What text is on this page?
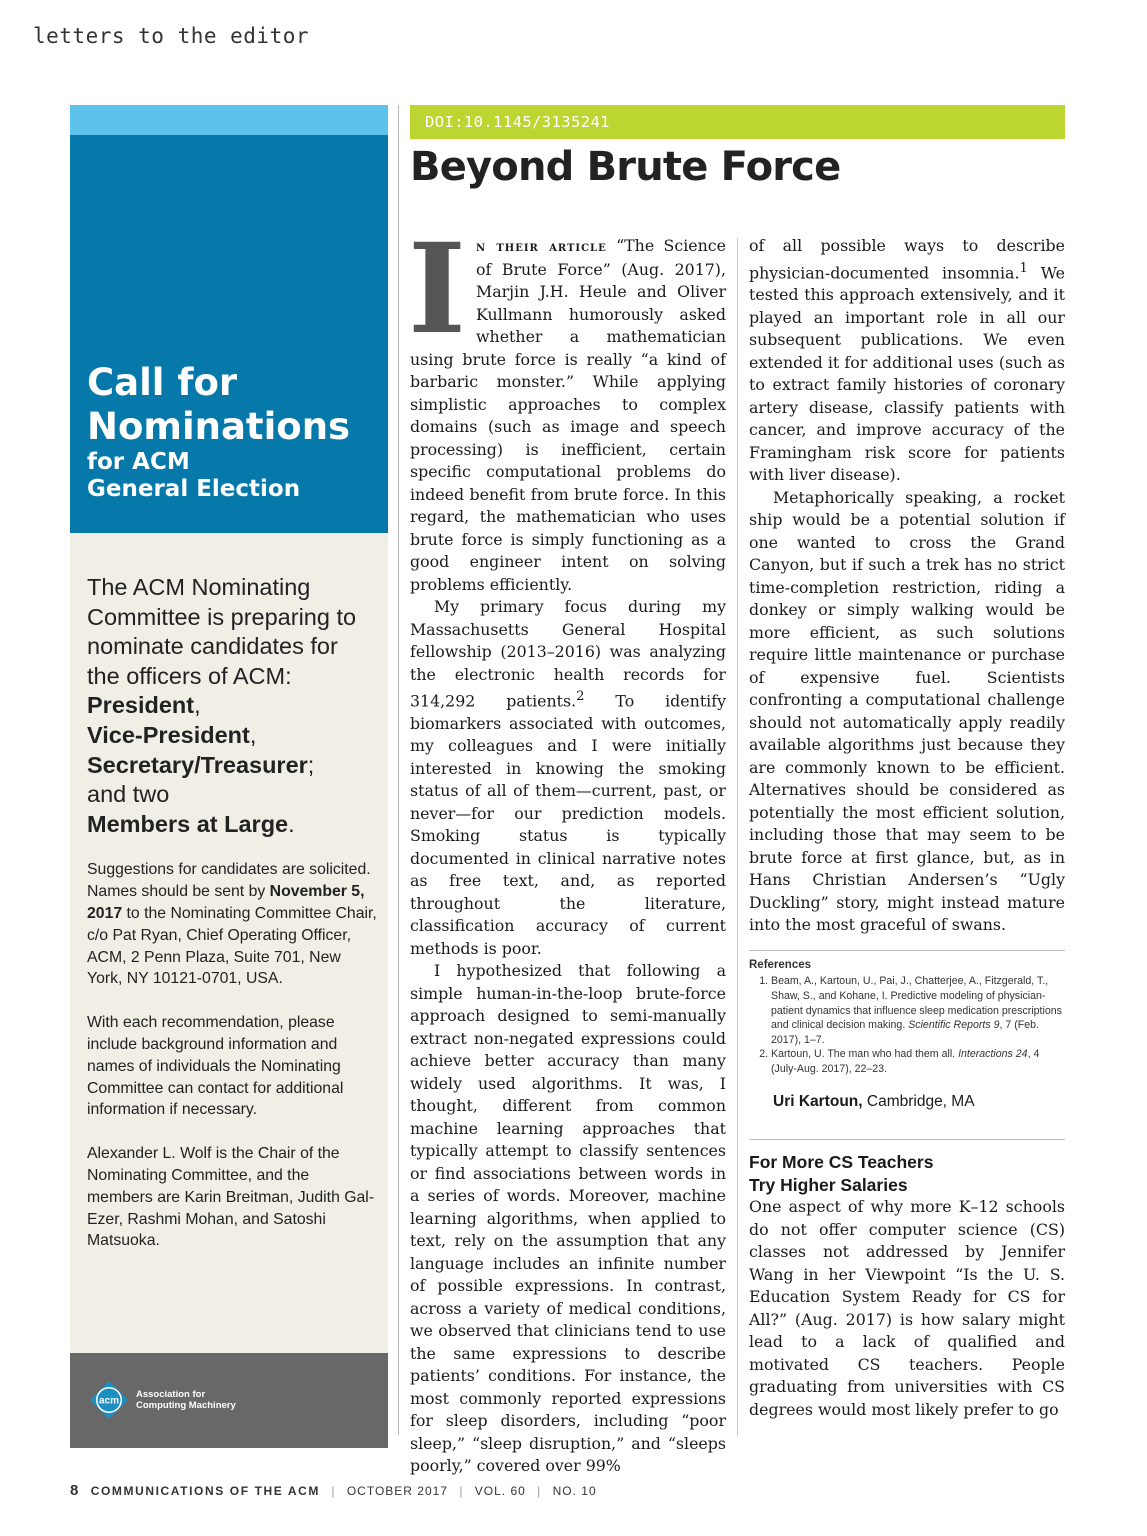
letters to the editor
Call for
Nominations
for ACM
General Election

The ACM Nominating Committee is preparing to nominate candidates for the officers of ACM:
President,
Vice-President,
Secretary/Treasurer;
and two
Members at Large.

Suggestions for candidates are solicited. Names should be sent by November 5, 2017 to the Nominating Committee Chair, c/o Pat Ryan, Chief Operating Officer, ACM, 2 Penn Plaza, Suite 701, New York, NY 10121-0701, USA.

With each recommendation, please include background information and names of individuals the Nominating Committee can contact for additional information if necessary.

Alexander L. Wolf is the Chair of the Nominating Committee, and the members are Karin Breitman, Judith Gal-Ezer, Rashmi Mohan, and Satoshi Matsuoka.

acm
Association for
Computing Machinery
DOI:10.1145/3135241
Beyond Brute Force

In their article “The Science of Brute Force” (Aug. 2017), Marjin J.H. Heule and Oliver Kullmann humorously asked whether a mathematician using brute force is really “a kind of barbaric monster.” While applying simplistic approaches to complex domains (such as image and speech processing) is inefficient, certain specific computational problems do indeed benefit from brute force. In this regard, the mathematician who uses brute force is simply functioning as a good engineer intent on solving problems efficiently.

My primary focus during my Massachusetts General Hospital fellowship (2013–2016) was analyzing the electronic health records for 314,292 patients.$^2$ To identify biomarkers associated with outcomes, my colleagues and I were initially interested in knowing the smoking status of all of them—current, past, or never—for our prediction models. Smoking status is typically documented in clinical narrative notes as free text, and, as reported throughout the literature, classification accuracy of current methods is poor.

I hypothesized that following a simple human-in-the-loop brute-force approach designed to semi-manually extract non-negated expressions could achieve better accuracy than many widely used algorithms. It was, I thought, different from common machine learning approaches that typically attempt to classify sentences or find associations between words in a series of words. Moreover, machine learning algorithms, when applied to text, rely on the assumption that any language includes an infinite number of possible expressions. In contrast, across a variety of medical conditions, we observed that clinicians tend to use the same expressions to describe patients’ conditions. For instance, the most commonly reported expressions for sleep disorders, including “poor sleep,” “sleep disruption,” and “sleeps poorly,” covered over 99%

of all possible ways to describe physician-documented insomnia.$^1$ We tested this approach extensively, and it played an important role in all our subsequent publications. We even extended it for additional uses (such as to extract family histories of coronary artery disease, classify patients with cancer, and improve accuracy of the Framingham risk score for patients with liver disease).

Metaphorically speaking, a rocket ship would be a potential solution if one wanted to cross the Grand Canyon, but if such a trek has no strict time-completion restriction, riding a donkey or simply walking would be more efficient, as such solutions require little maintenance or purchase of expensive fuel. Scientists confronting a computational challenge should not automatically apply readily available algorithms just because they are commonly known to be efficient. Alternatives should be considered as potentially the most efficient solution, including those that may seem to be brute force at first glance, but, as in Hans Christian Andersen’s “Ugly Duckling” story, might instead mature into the most graceful of swans.

References
1. Beam, A., Kartoun, U., Pai, J., Chatterjee, A., Fitzgerald, T., Shaw, S., and Kohane, I. Predictive modeling of physician-patient dynamics that influence sleep medication prescriptions and clinical decision making. Scientific Reports 9, 7 (Feb. 2017), 1–7.
2. Kartoun, U. The man who had them all. Interactions 24, 4 (July-Aug. 2017), 22–23.
Uri Kartoun, Cambridge, MA
For More CS Teachers
Try Higher Salaries

One aspect of why more K–12 schools do not offer computer science (CS) classes not addressed by Jennifer Wang in her Viewpoint “Is the U. S. Education System Ready for CS for All?” (Aug. 2017) is how salary might lead to a lack of qualified and motivated CS teachers. People graduating from universities with CS degrees would most likely prefer to go

8 COMMUNICATIONS OF THE ACM | OCTOBER 2017 | VOL. 60 | NO. 10
